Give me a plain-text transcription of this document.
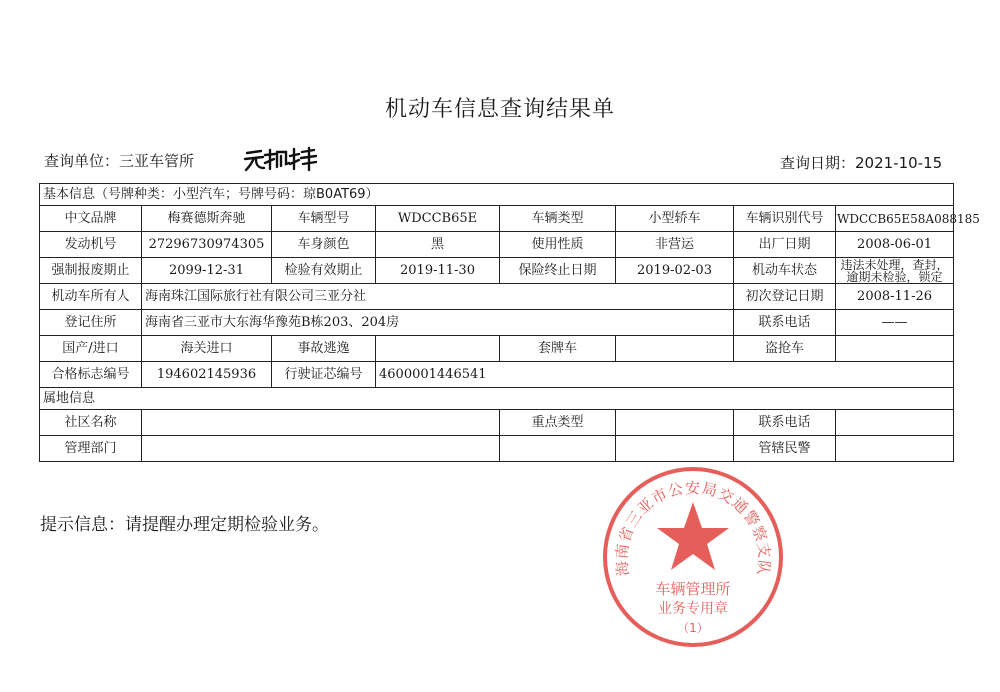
机动车信息查询结果单
查询单位：三亚车管所	查询日期：2021-10-15
基本信息（号牌种类：小型汽车；号牌号码：琼B0AT69）							
中文品牌	梅赛德斯奔驰	车辆型号	WDCCB65E	车辆类型	小型轿车	车辆识别代号	WDCCB65E58A088185
发动机号	27296730974305	车身颜色	黑	使用性质	非营运	出厂日期	2008-06-01
强制报废期止	2099-12-31	检验有效期止	2019-11-30	保险终止日期	2019-02-03	机动车状态	违法未处理，查封，逾期未检验，锁定
机动车所有人	海南珠江国际旅行社有限公司三亚分社					初次登记日期	2008-11-26
登记住所	海南省三亚市大东海华豫苑B栋203、204房					联系电话	——
国产/进口	海关进口	事故逃逸		套牌车		盗抢车	
合格标志编号	194602145936	行驶证芯编号	4600001446541				
属地信息							
社区名称				重点类型		联系电话	
管理部门						管辖民警	
提示信息：请提醒办理定期检验业务。
海南省三亚市公安局交通警察支队
车辆管理所
业务专用章
（1）
